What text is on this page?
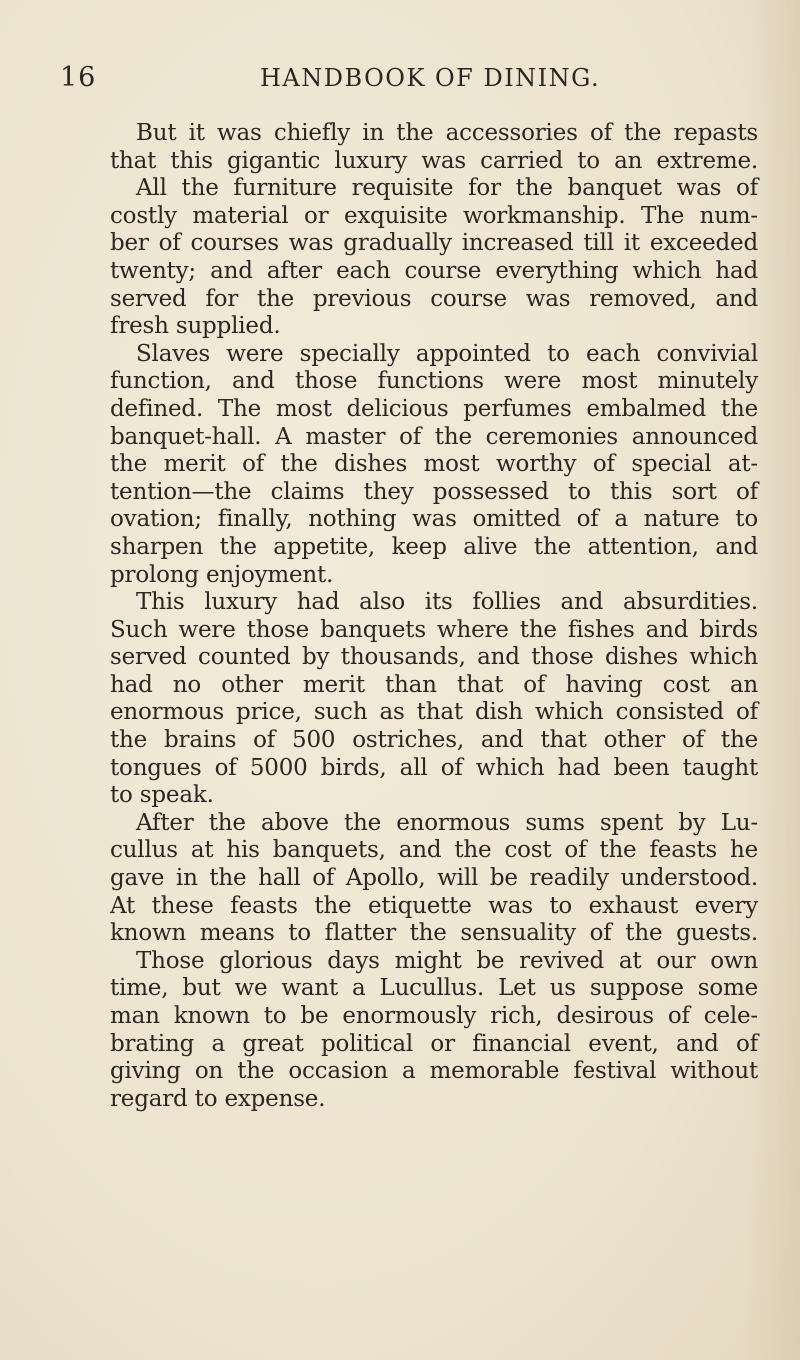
16	HANDBOOK OF DINING.
But it was chiefly in the accessories of the repasts
that this gigantic luxury was carried to an extreme.
All the furniture requisite for the banquet was of
costly material or exquisite workmanship. The num-
ber of courses was gradually increased till it exceeded
twenty; and after each course everything which had
served for the previous course was removed, and
fresh supplied.
Slaves were specially appointed to each convivial
function, and those functions were most minutely
defined. The most delicious perfumes embalmed the
banquet-hall. A master of the ceremonies announced
the merit of the dishes most worthy of special at-
tention—the claims they possessed to this sort of
ovation; finally, nothing was omitted of a nature to
sharpen the appetite, keep alive the attention, and
prolong enjoyment.
This luxury had also its follies and absurdities.
Such were those banquets where the fishes and birds
served counted by thousands, and those dishes which
had no other merit than that of having cost an
enormous price, such as that dish which consisted of
the brains of 500 ostriches, and that other of the
tongues of 5000 birds, all of which had been taught
to speak.
After the above the enormous sums spent by Lu-
cullus at his banquets, and the cost of the feasts he
gave in the hall of Apollo, will be readily understood.
At these feasts the etiquette was to exhaust every
known means to flatter the sensuality of the guests.
Those glorious days might be revived at our own
time, but we want a Lucullus. Let us suppose some
man known to be enormously rich, desirous of cele-
brating a great political or financial event, and of
giving on the occasion a memorable festival without
regard to expense.
